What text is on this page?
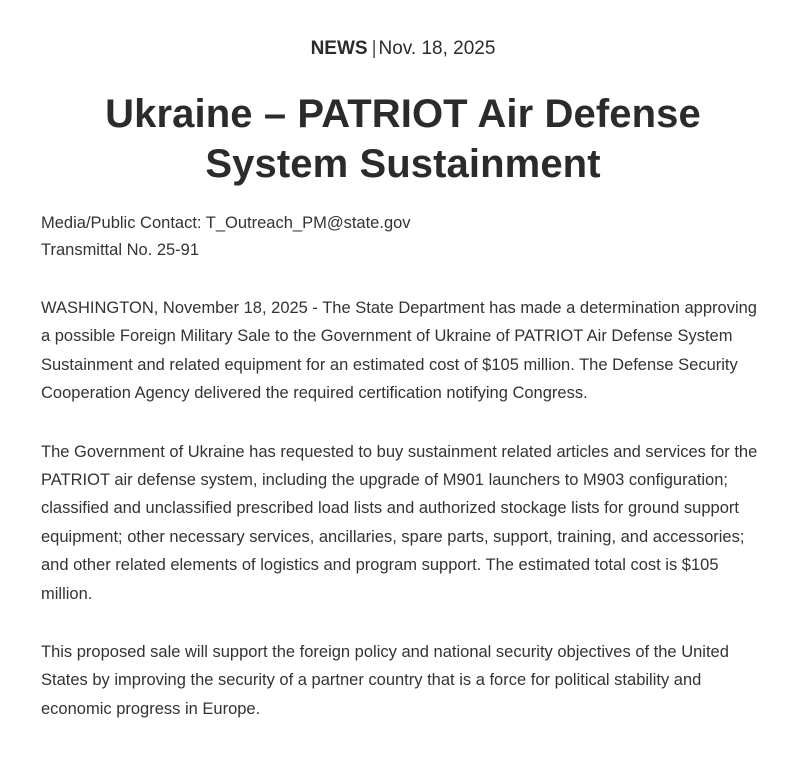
NEWS | Nov. 18, 2025
Ukraine – PATRIOT Air Defense System Sustainment
Media/Public Contact: T_Outreach_PM@state.gov
Transmittal No. 25-91

WASHINGTON, November 18, 2025 - The State Department has made a determination approving a possible Foreign Military Sale to the Government of Ukraine of PATRIOT Air Defense System Sustainment and related equipment for an estimated cost of $105 million. The Defense Security Cooperation Agency delivered the required certification notifying Congress.

The Government of Ukraine has requested to buy sustainment related articles and services for the PATRIOT air defense system, including the upgrade of M901 launchers to M903 configuration; classified and unclassified prescribed load lists and authorized stockage lists for ground support equipment; other necessary services, ancillaries, spare parts, support, training, and accessories; and other related elements of logistics and program support. The estimated total cost is $105 million.

This proposed sale will support the foreign policy and national security objectives of the United States by improving the security of a partner country that is a force for political stability and economic progress in Europe.
